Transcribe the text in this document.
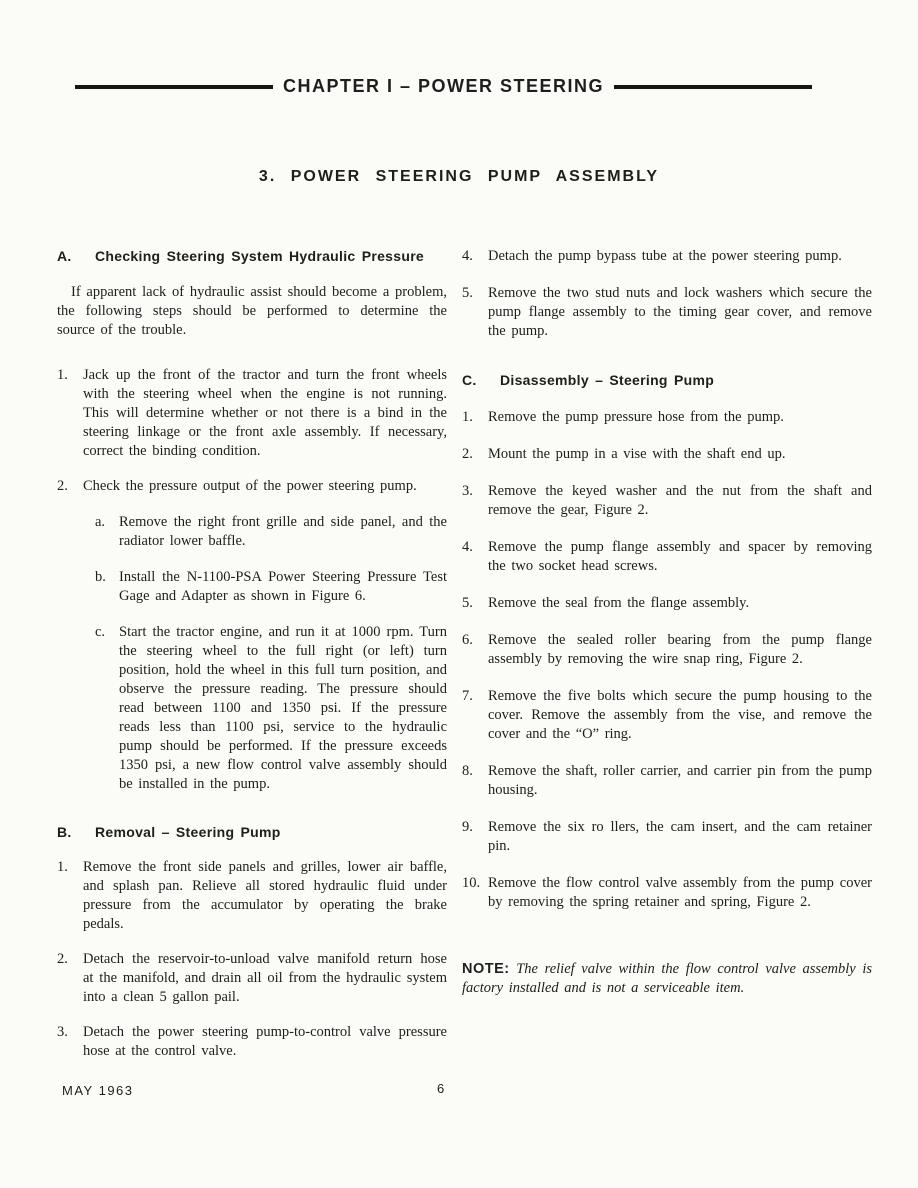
CHAPTER I – POWER STEERING
3. POWER STEERING PUMP ASSEMBLY
A.	Checking Steering System Hydraulic Pressure

If apparent lack of hydraulic assist should become a problem, the following steps should be performed to determine the source of the trouble.

1.	Jack up the front of the tractor and turn the front wheels with the steering wheel when the engine is not running. This will determine whether or not there is a bind in the steering linkage or the front axle assembly. If necessary, correct the binding condition.
2.	Check the pressure output of the power steering pump.
a. Remove the right front grille and side panel, and the radiator lower baffle.
b. Install the N-1100-PSA Power Steering Pressure Test Gage and Adapter as shown in Figure 6.
c. Start the tractor engine, and run it at 1000 rpm. Turn the steering wheel to the full right (or left) turn position, hold the wheel in this full turn position, and observe the pressure reading. The pressure should read between 1100 and 1350 psi. If the pressure reads less than 1100 psi, service to the hydraulic pump should be performed. If the pressure exceeds 1350 psi, a new flow control valve assembly should be installed in the pump.
B.	Removal – Steering Pump
1.	Remove the front side panels and grilles, lower air baffle, and splash pan. Relieve all stored hydraulic fluid under pressure from the accumulator by operating the brake pedals.
2.	Detach the reservoir-to-unload valve manifold return hose at the manifold, and drain all oil from the hydraulic system into a clean 5 gallon pail.
3.	Detach the power steering pump-to-control valve pressure hose at the control valve.
4.	Detach the pump bypass tube at the power steering pump.
5.	Remove the two stud nuts and lock washers which secure the pump flange assembly to the timing gear cover, and remove the pump.
C.	Disassembly – Steering Pump
1.	Remove the pump pressure hose from the pump.
2.	Mount the pump in a vise with the shaft end up.
3.	Remove the keyed washer and the nut from the shaft and remove the gear, Figure 2.
4.	Remove the pump flange assembly and spacer by removing the two socket head screws.
5.	Remove the seal from the flange assembly.
6.	Remove the sealed roller bearing from the pump flange assembly by removing the wire snap ring, Figure 2.
7.	Remove the five bolts which secure the pump housing to the cover. Remove the assembly from the vise, and remove the cover and the “O” ring.
8.	Remove the shaft, roller carrier, and carrier pin from the pump housing.
9.	Remove the six ro llers, the cam insert, and the cam retainer pin.
10. Remove the flow control valve assembly from the pump cover by removing the spring retainer and spring, Figure 2.

NOTE: The relief valve within the flow control valve assembly is factory installed and is not a serviceable item.

MAY 1963	6
